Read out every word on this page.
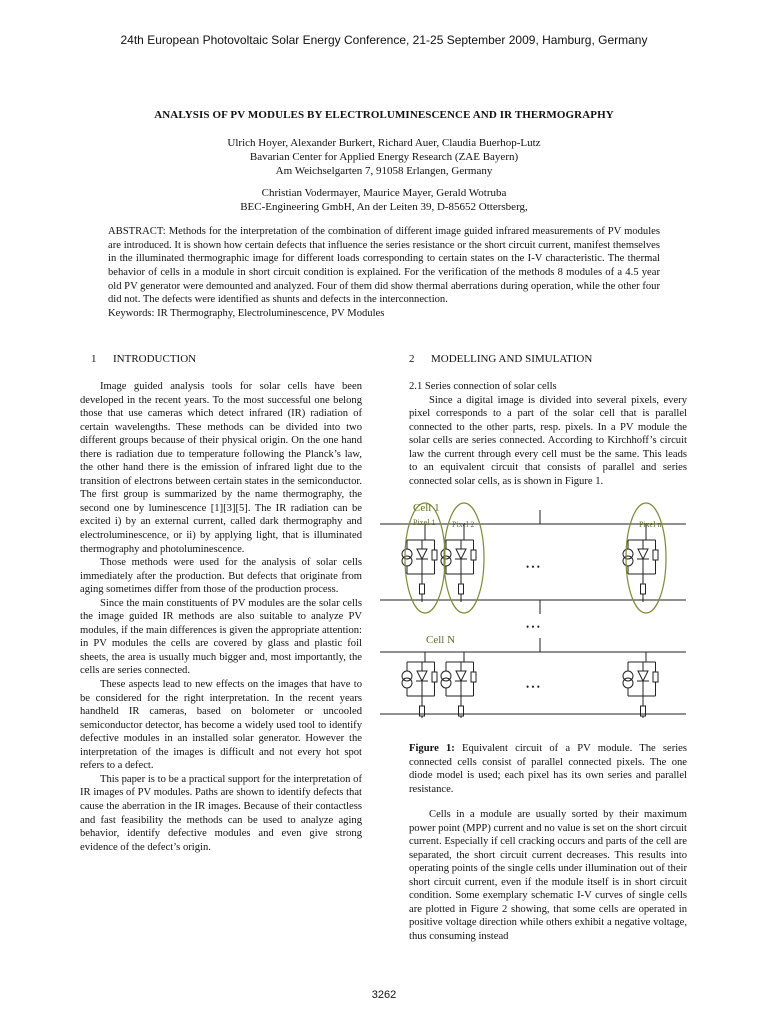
24th European Photovoltaic Solar Energy Conference, 21-25 September 2009, Hamburg, Germany
ANALYSIS OF PV MODULES BY ELECTROLUMINESCENCE AND IR THERMOGRAPHY
Ulrich Hoyer, Alexander Burkert, Richard Auer, Claudia Buerhop-Lutz
Bavarian Center for Applied Energy Research (ZAE Bayern)
Am Weichselgarten 7, 91058 Erlangen, Germany
Christian Vodermayer, Maurice Mayer, Gerald Wotruba
BEC-Engineering GmbH, An der Leiten 39, D-85652 Ottersberg,
ABSTRACT: Methods for the interpretation of the combination of different image guided infrared measurements of PV modules are introduced. It is shown how certain defects that influence the series resistance or the short circuit current, manifest themselves in the illuminated thermographic image for different loads corresponding to certain states on the I-V characteristic. The thermal behavior of cells in a module in short circuit condition is explained. For the verification of the methods 8 modules of a 4.5 year old PV generator were demounted and analyzed. Four of them did show thermal aberrations during operation, while the other four did not. The defects were identified as shunts and defects in the interconnection.
Keywords: IR Thermography, Electroluminescence, PV Modules
1      INTRODUCTION	2      MODELLING AND SIMULATION

Image guided analysis tools for solar cells have been developed in the recent years. To the most successful one belong those that use cameras which detect infrared (IR) radiation of certain wavelengths. These methods can be divided into two different groups because of their physical origin. On the one hand there is radiation due to temperature following the Planck’s law, the other hand there is the emission of infrared light due to the transition of electrons between certain states in the semiconductor. The first group is summarized by the name thermography, the second one by luminescence [1][3][5]. The IR radiation can be excited i) by an external current, called dark thermography and electroluminescence, or ii) by applying light, that is illuminated thermography and photoluminescence.

Those methods were used for the analysis of solar cells immediately after the production. But defects that originate from aging sometimes differ from those of the production process.

Since the main constituents of PV modules are the solar cells the image guided IR methods are also suitable to analyze PV modules, if the main differences is given the appropriate attention: in PV modules the cells are covered by glass and plastic foil sheets, the area is usually much bigger and, most importantly, the cells are series connected.

These aspects lead to new effects on the images that have to be considered for the right interpretation. In the recent years handheld IR cameras, based on bolometer or uncooled semiconductor detector, has become a widely used tool to identify defective modules in an installed solar generator. However the interpretation of the images is difficult and not every hot spot refers to a defect.

This paper is to be a practical support for the interpretation of IR images of PV modules. Paths are shown to identify defects that cause the aberration in the IR images. Because of their contactless and fast feasibility the methods can be used to analyze aging behavior, identify defective modules and even give strong evidence of the defect’s origin.

2.1 Series connection of solar cells

Since a digital image is divided into several pixels, every pixel corresponds to a part of the solar cell that is parallel connected to the other parts, resp. pixels. In a PV module the solar cells are series connected. According to Kirchhoff’s circuit law the current through every cell must be the same. This leads to an equivalent circuit that consists of parallel and series connected solar cells, as is shown in Figure 1.

Cell 1
Pixel 1 Pixel 2	Pixel n
• • •
• • •
Cell N
• • •

Figure 1: Equivalent circuit of a PV module. The series connected cells consist of parallel connected pixels. The one diode model is used; each pixel has its own series and parallel resistance.

Cells in a module are usually sorted by their maximum power point (MPP) current and no value is set on the short circuit current. Especially if cell cracking occurs and parts of the cell are separated, the short circuit current decreases. This results into operating points of the single cells under illumination out of their short circuit current, even if the module itself is in short circuit condition. Some exemplary schematic I-V curves of single cells are plotted in Figure 2 showing, that some cells are operated in positive voltage direction while others exhibit a negative voltage, thus consuming instead

3262
